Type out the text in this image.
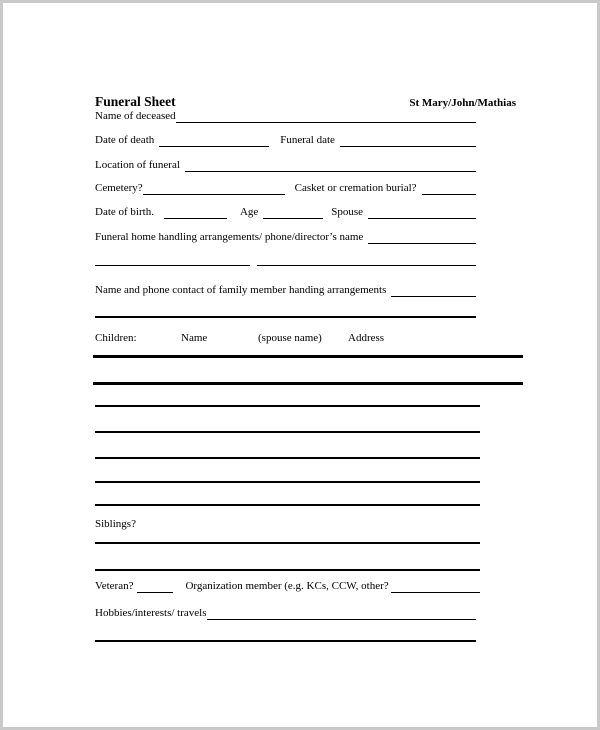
Funeral Sheet	St Mary/John/Mathias
Name of deceased
Date of death	Funeral date
Location of funeral
Cemetery?	Casket or cremation burial?
Date of birth.	Age	Spouse
Funeral home handling arrangements/ phone/director’s name
Name and phone contact of family member handing arrangements
Children:	Name	(spouse name) Address
Siblings?
Veteran?	Organization member (e.g. KCs, CCW, other?
Hobbies/interests/ travels
